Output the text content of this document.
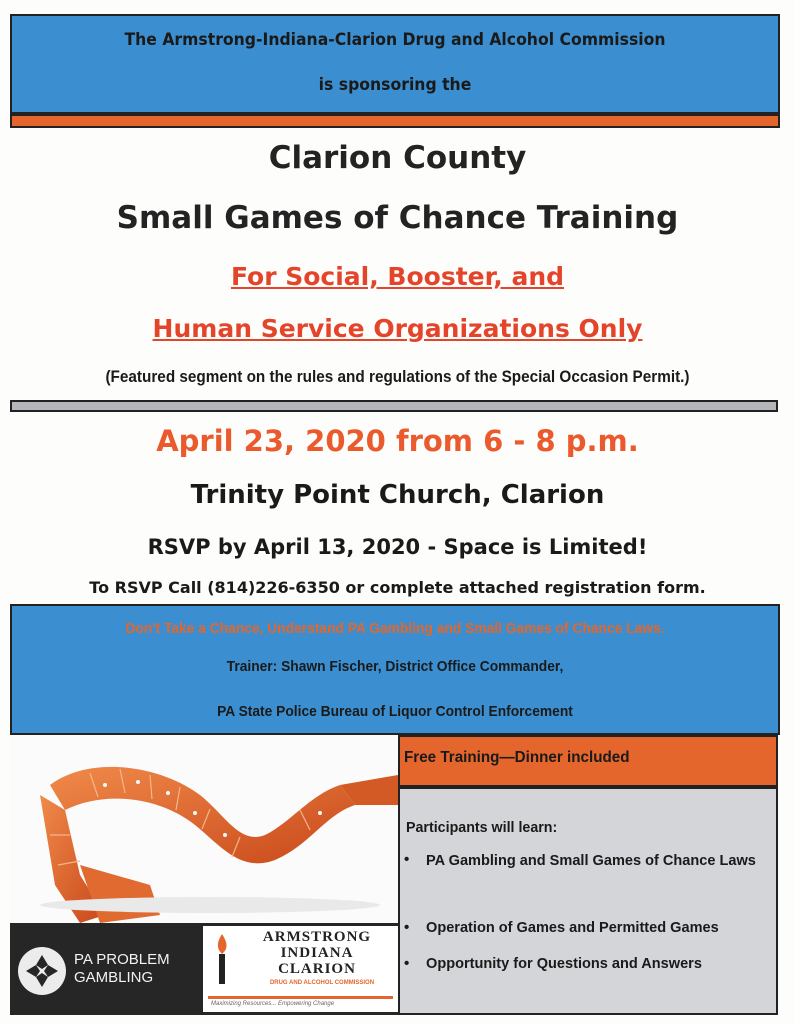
The Armstrong-Indiana-Clarion Drug and Alcohol Commission
is sponsoring the
Clarion County
Small Games of Chance Training
For Social, Booster, and
Human Service Organizations Only
(Featured segment on the rules and regulations of the Special Occasion Permit.)
April 23, 2020 from 6 - 8 p.m.
Trinity Point Church, Clarion
RSVP by April 13, 2020 - Space is Limited!
To RSVP Call (814)226-6350 or complete attached registration form.
Don't Take a Chance, Understand PA Gambling and Small Games of Chance Laws.
Trainer: Shawn Fischer, District Office Commander,
PA State Police Bureau of Liquor Control Enforcement
PA PROBLEM GAMBLING
ARMSTRONG
INDIANA
CLARION
DRUG AND ALCOHOL COMMISSION
Maximizing Resources... Empowering Change
Free Training—Dinner included
Participants will learn:
• PA Gambling and Small Games of Chance Laws
• Operation of Games and Permitted Games
• Opportunity for Questions and Answers
